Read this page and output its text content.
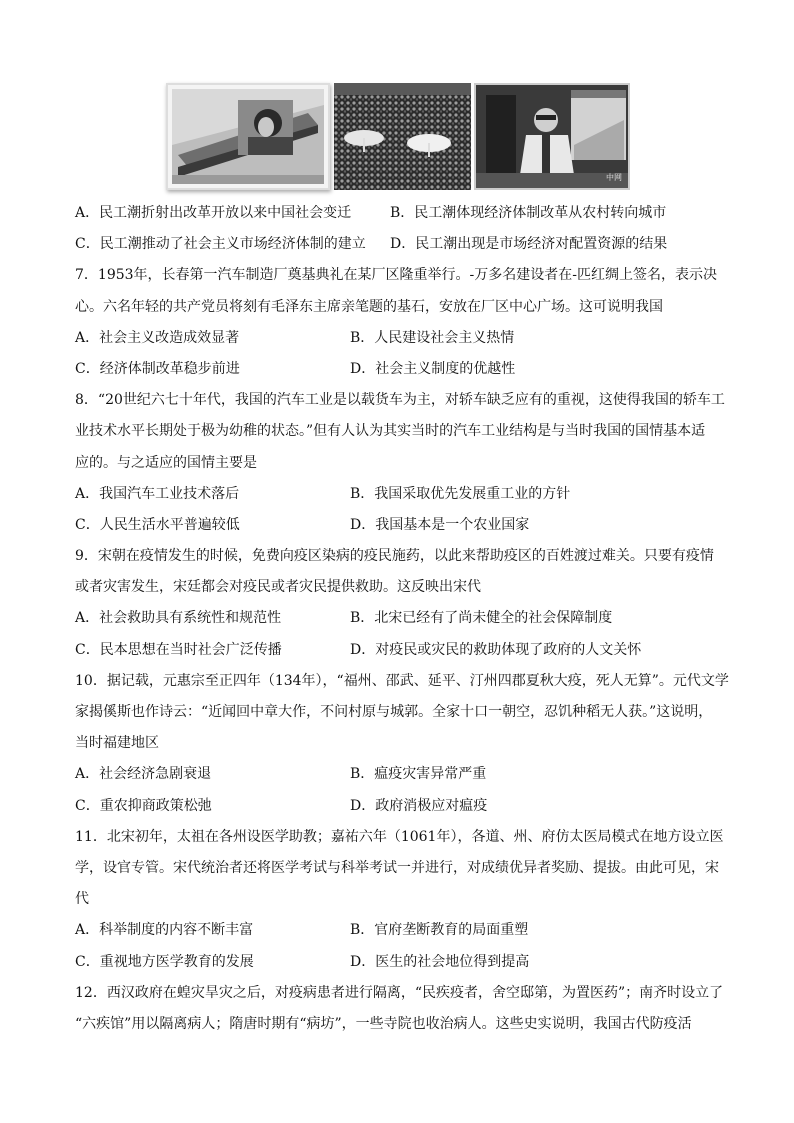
中网
A．民工潮折射出改革开放以来中国社会变迁	B．民工潮体现经济体制改革从农村转向城市
C．民工潮推动了社会主义市场经济体制的建立	D．民工潮出现是市场经济对配置资源的结果
7．1953年，长春第一汽车制造厂奠基典礼在某厂区隆重举行。-万多名建设者在-匹红绸上签名，表示决
心。六名年轻的共产党员将刻有毛泽东主席亲笔题的基石，安放在厂区中心广场。这可说明我国
A．社会主义改造成效显著	B．人民建设社会主义热情
C．经济体制改革稳步前进	D．社会主义制度的优越性
8．“20世纪六七十年代，我国的汽车工业是以载货车为主，对轿车缺乏应有的重视，这使得我国的轿车工
业技术水平长期处于极为幼稚的状态。”但有人认为其实当时的汽车工业结构是与当时我国的国情基本适
应的。与之适应的国情主要是
A．我国汽车工业技术落后	B．我国采取优先发展重工业的方针
C．人民生活水平普遍较低	D．我国基本是一个农业国家
9．宋朝在疫情发生的时候，免费向疫区染病的疫民施药，以此来帮助疫区的百姓渡过难关。只要有疫情
或者灾害发生，宋廷都会对疫民或者灾民提供救助。这反映出宋代
A．社会救助具有系统性和规范性	B．北宋已经有了尚未健全的社会保障制度
C．民本思想在当时社会广泛传播	D．对疫民或灾民的救助体现了政府的人文关怀
10．据记载，元惠宗至正四年（134年），“福州、邵武、延平、汀州四郡夏秋大疫，死人无算”。元代文学
家揭傒斯也作诗云：“近闻回中章大作，不问村原与城郭。全家十口一朝空，忍饥种稻无人获。”这说明，
当时福建地区
A．社会经济急剧衰退	B．瘟疫灾害异常严重
C．重农抑商政策松弛	D．政府消极应对瘟疫
11．北宋初年，太祖在各州设医学助教；嘉祐六年（1061年），各道、州、府仿太医局模式在地方设立医
学，设官专管。宋代统治者还将医学考试与科举考试一并进行，对成绩优异者奖励、提拔。由此可见，宋
代
A．科举制度的内容不断丰富	B．官府垄断教育的局面重塑
C．重视地方医学教育的发展	D．医生的社会地位得到提高
12．西汉政府在蝗灾旱灾之后，对疫病患者进行隔离，“民疾疫者，舍空邸第，为置医药”；南齐时设立了
“六疾馆”用以隔离病人；隋唐时期有“病坊”，一些寺院也收治病人。这些史实说明，我国古代防疫活
